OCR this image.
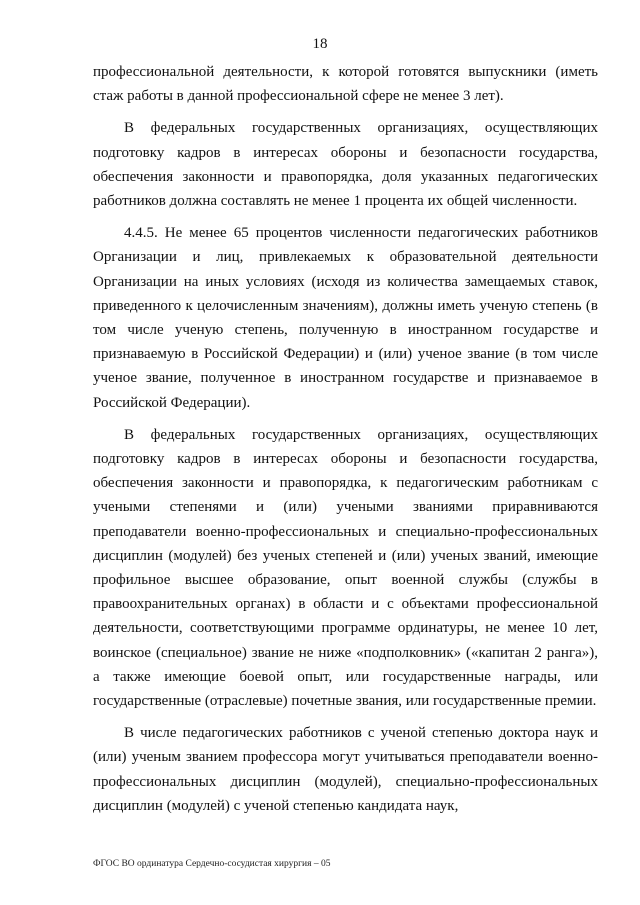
18

профессиональной деятельности, к которой готовятся выпускники (иметь стаж работы в данной профессиональной сфере не менее 3 лет).

В федеральных государственных организациях, осуществляющих подготовку кадров в интересах обороны и безопасности государства, обеспечения законности и правопорядка, доля указанных педагогических работников должна составлять не менее 1 процента их общей численности.

4.4.5. Не менее 65 процентов численности педагогических работников Организации и лиц, привлекаемых к образовательной деятельности Организации на иных условиях (исходя из количества замещаемых ставок, приведенного к целочисленным значениям), должны иметь ученую степень (в том числе ученую степень, полученную в иностранном государстве и признаваемую в Российской Федерации) и (или) ученое звание (в том числе ученое звание, полученное в иностранном государстве и признаваемое в Российской Федерации).

В федеральных государственных организациях, осуществляющих подготовку кадров в интересах обороны и безопасности государства, обеспечения законности и правопорядка, к педагогическим работникам с учеными степенями и (или) учеными званиями приравниваются преподаватели военно-профессиональных и специально-профессиональных дисциплин (модулей) без ученых степеней и (или) ученых званий, имеющие профильное высшее образование, опыт военной службы (службы в правоохранительных органах) в области и с объектами профессиональной деятельности, соответствующими программе ординатуры, не менее 10 лет, воинское (специальное) звание не ниже «подполковник» («капитан 2 ранга»), а также имеющие боевой опыт, или государственные награды, или государственные (отраслевые) почетные звания, или государственные премии.

В числе педагогических работников с ученой степенью доктора наук и (или) ученым званием профессора могут учитываться преподаватели военно-профессиональных дисциплин (модулей), специально-профессиональных дисциплин (модулей) с ученой степенью кандидата наук,

ФГОС ВО ординатура Сердечно-сосудистая хирургия – 05
